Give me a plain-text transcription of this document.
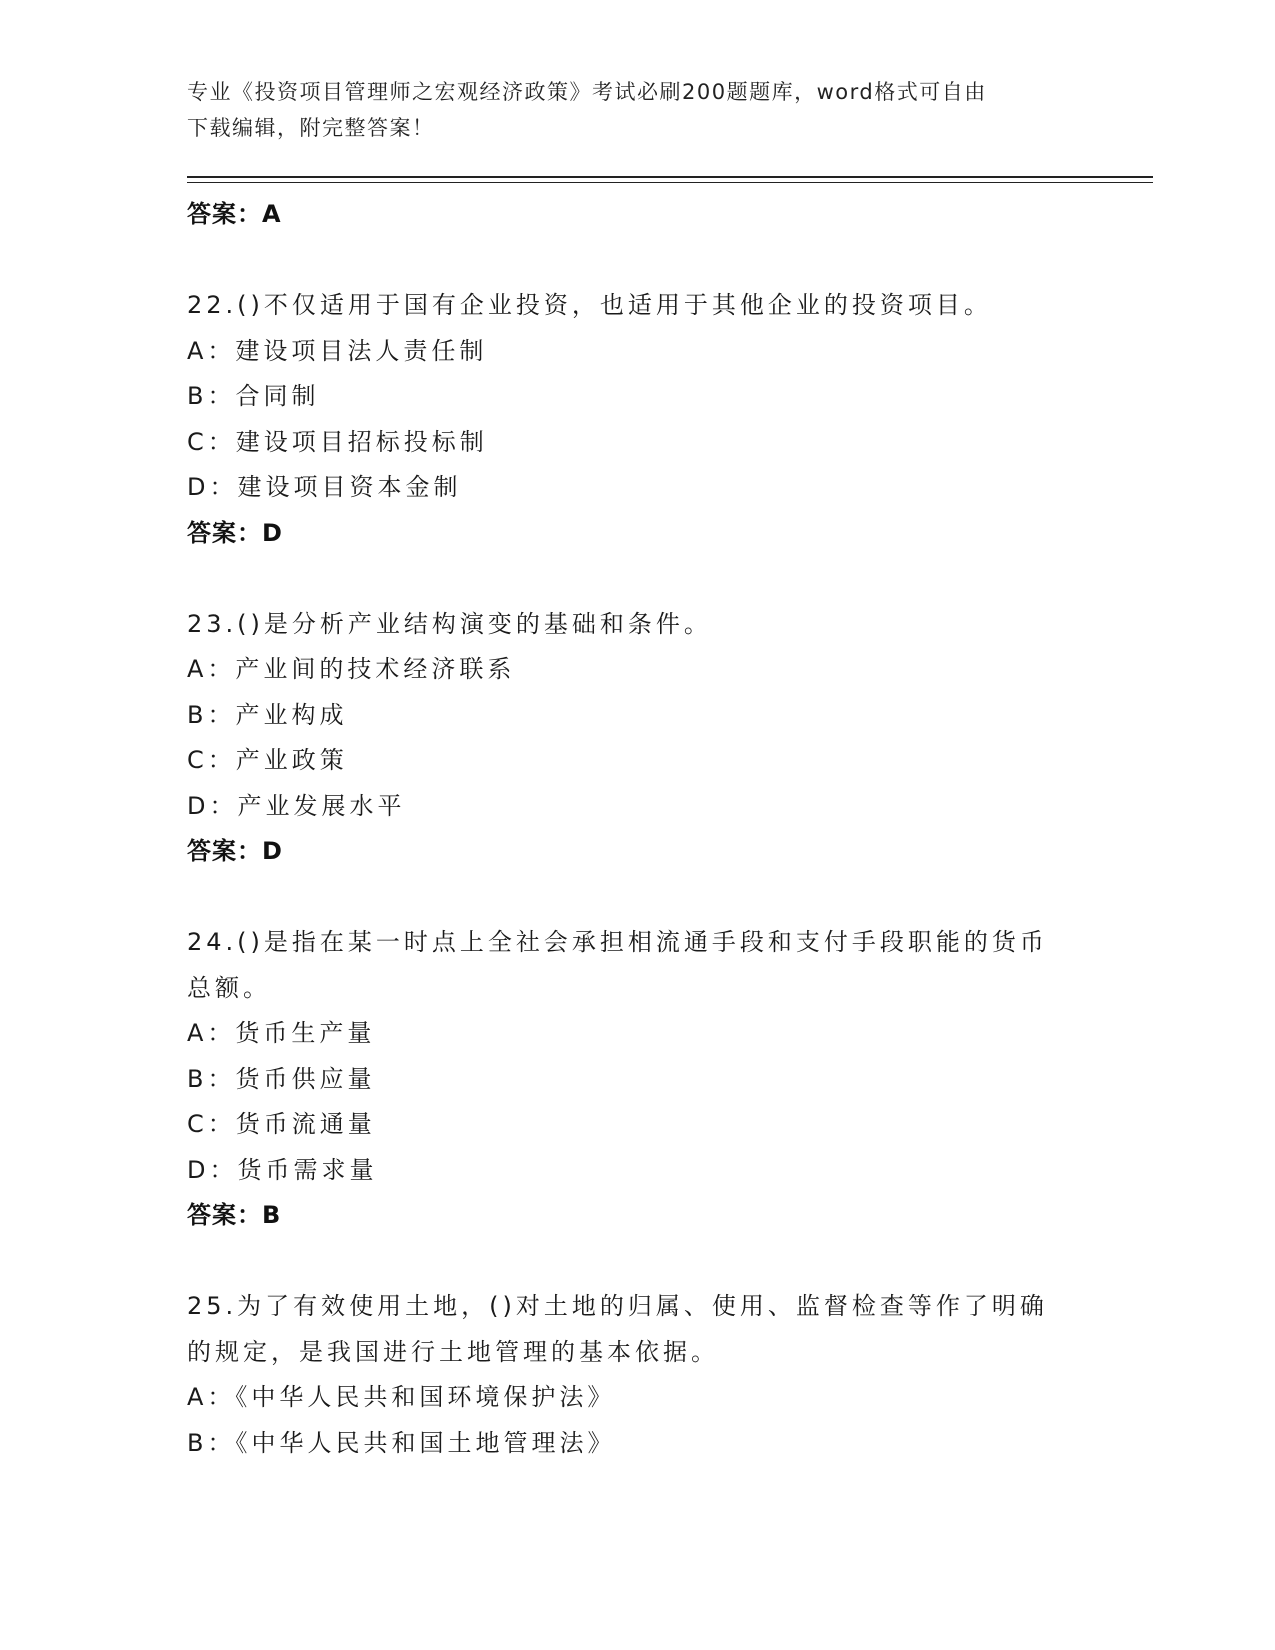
专业《投资项目管理师之宏观经济政策》考试必刷200题题库，word格式可自由
下载编辑，附完整答案！
答案：A
22.()不仅适用于国有企业投资，也适用于其他企业的投资项目。
A：建设项目法人责任制
B：合同制
C：建设项目招标投标制
D：建设项目资本金制
答案：D
23.()是分析产业结构演变的基础和条件。
A：产业间的技术经济联系
B：产业构成
C：产业政策
D：产业发展水平
答案：D
24.()是指在某一时点上全社会承担相流通手段和支付手段职能的货币
总额。
A：货币生产量
B：货币供应量
C：货币流通量
D：货币需求量
答案：B
25.为了有效使用土地，()对土地的归属、使用、监督检查等作了明确
的规定，是我国进行土地管理的基本依据。
A：《中华人民共和国环境保护法》
B：《中华人民共和国土地管理法》
